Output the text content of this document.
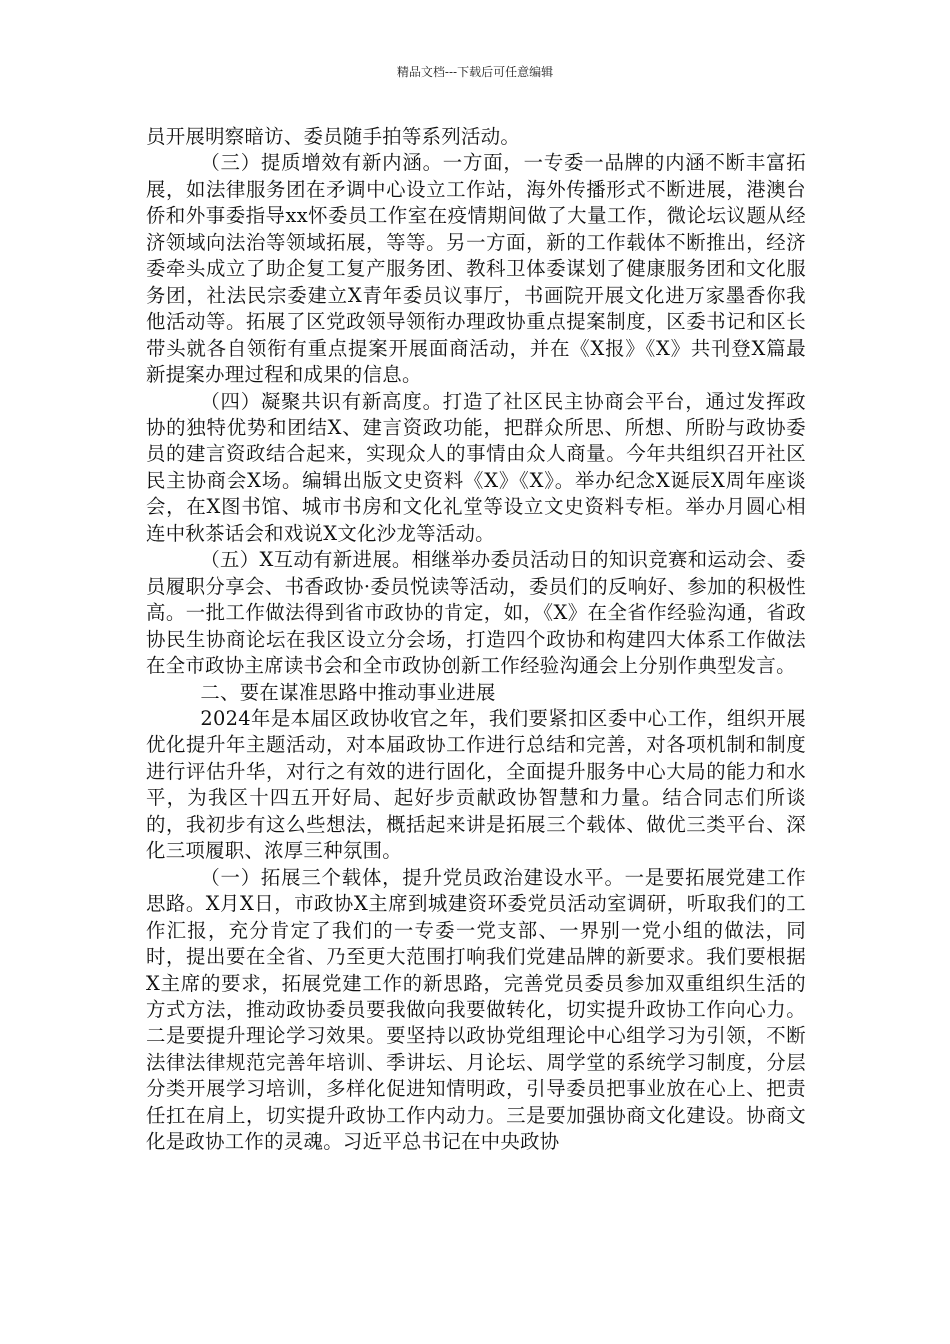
精品文档---下载后可任意编辑

员开展明察暗访、委员随手拍等系列活动。

（三）提质增效有新内涵。一方面，一专委一品牌的内涵不断丰富拓展，如法律服务团在矛调中心设立工作站，海外传播形式不断进展，港澳台侨和外事委指导xx怀委员工作室在疫情期间做了大量工作，微论坛议题从经济领域向法治等领域拓展，等等。另一方面，新的工作载体不断推出，经济委牵头成立了助企复工复产服务团、教科卫体委谋划了健康服务团和文化服务团，社法民宗委建立X青年委员议事厅，书画院开展文化进万家墨香你我他活动等。拓展了区党政领导领衔办理政协重点提案制度，区委书记和区长带头就各自领衔有重点提案开展面商活动，并在《X报》《X》共刊登X篇最新提案办理过程和成果的信息。

（四）凝聚共识有新高度。打造了社区民主协商会平台，通过发挥政协的独特优势和团结X、建言资政功能，把群众所思、所想、所盼与政协委员的建言资政结合起来，实现众人的事情由众人商量。今年共组织召开社区民主协商会X场。编辑出版文史资料《X》《X》。举办纪念X诞辰X周年座谈会，在X图书馆、城市书房和文化礼堂等设立文史资料专柜。举办月圆心相连中秋茶话会和戏说X文化沙龙等活动。

（五）X互动有新进展。相继举办委员活动日的知识竞赛和运动会、委员履职分享会、书香政协·委员悦读等活动，委员们的反响好、参加的积极性高。一批工作做法得到省市政协的肯定，如，《X》在全省作经验沟通，省政协民生协商论坛在我区设立分会场，打造四个政协和构建四大体系工作做法在全市政协主席读书会和全市政协创新工作经验沟通会上分别作典型发言。

二、要在谋准思路中推动事业进展

2024年是本届区政协收官之年，我们要紧扣区委中心工作，组织开展优化提升年主题活动，对本届政协工作进行总结和完善，对各项机制和制度进行评估升华，对行之有效的进行固化，全面提升服务中心大局的能力和水平，为我区十四五开好局、起好步贡献政协智慧和力量。结合同志们所谈的，我初步有这么些想法，概括起来讲是拓展三个载体、做优三类平台、深化三项履职、浓厚三种氛围。

（一）拓展三个载体，提升党员政治建设水平。一是要拓展党建工作思路。X月X日，市政协X主席到城建资环委党员活动室调研，听取我们的工作汇报，充分肯定了我们的一专委一党支部、一界别一党小组的做法，同时，提出要在全省、乃至更大范围打响我们党建品牌的新要求。我们要根据X主席的要求，拓展党建工作的新思路，完善党员委员参加双重组织生活的方式方法，推动政协委员要我做向我要做转化，切实提升政协工作向心力。二是要提升理论学习效果。要坚持以政协党组理论中心组学习为引领，不断法律法律规范完善年培训、季讲坛、月论坛、周学堂的系统学习制度，分层分类开展学习培训，多样化促进知情明政，引导委员把事业放在心上、把责任扛在肩上，切实提升政协工作内动力。三是要加强协商文化建设。协商文化是政协工作的灵魂。习近平总书记在中央政协
